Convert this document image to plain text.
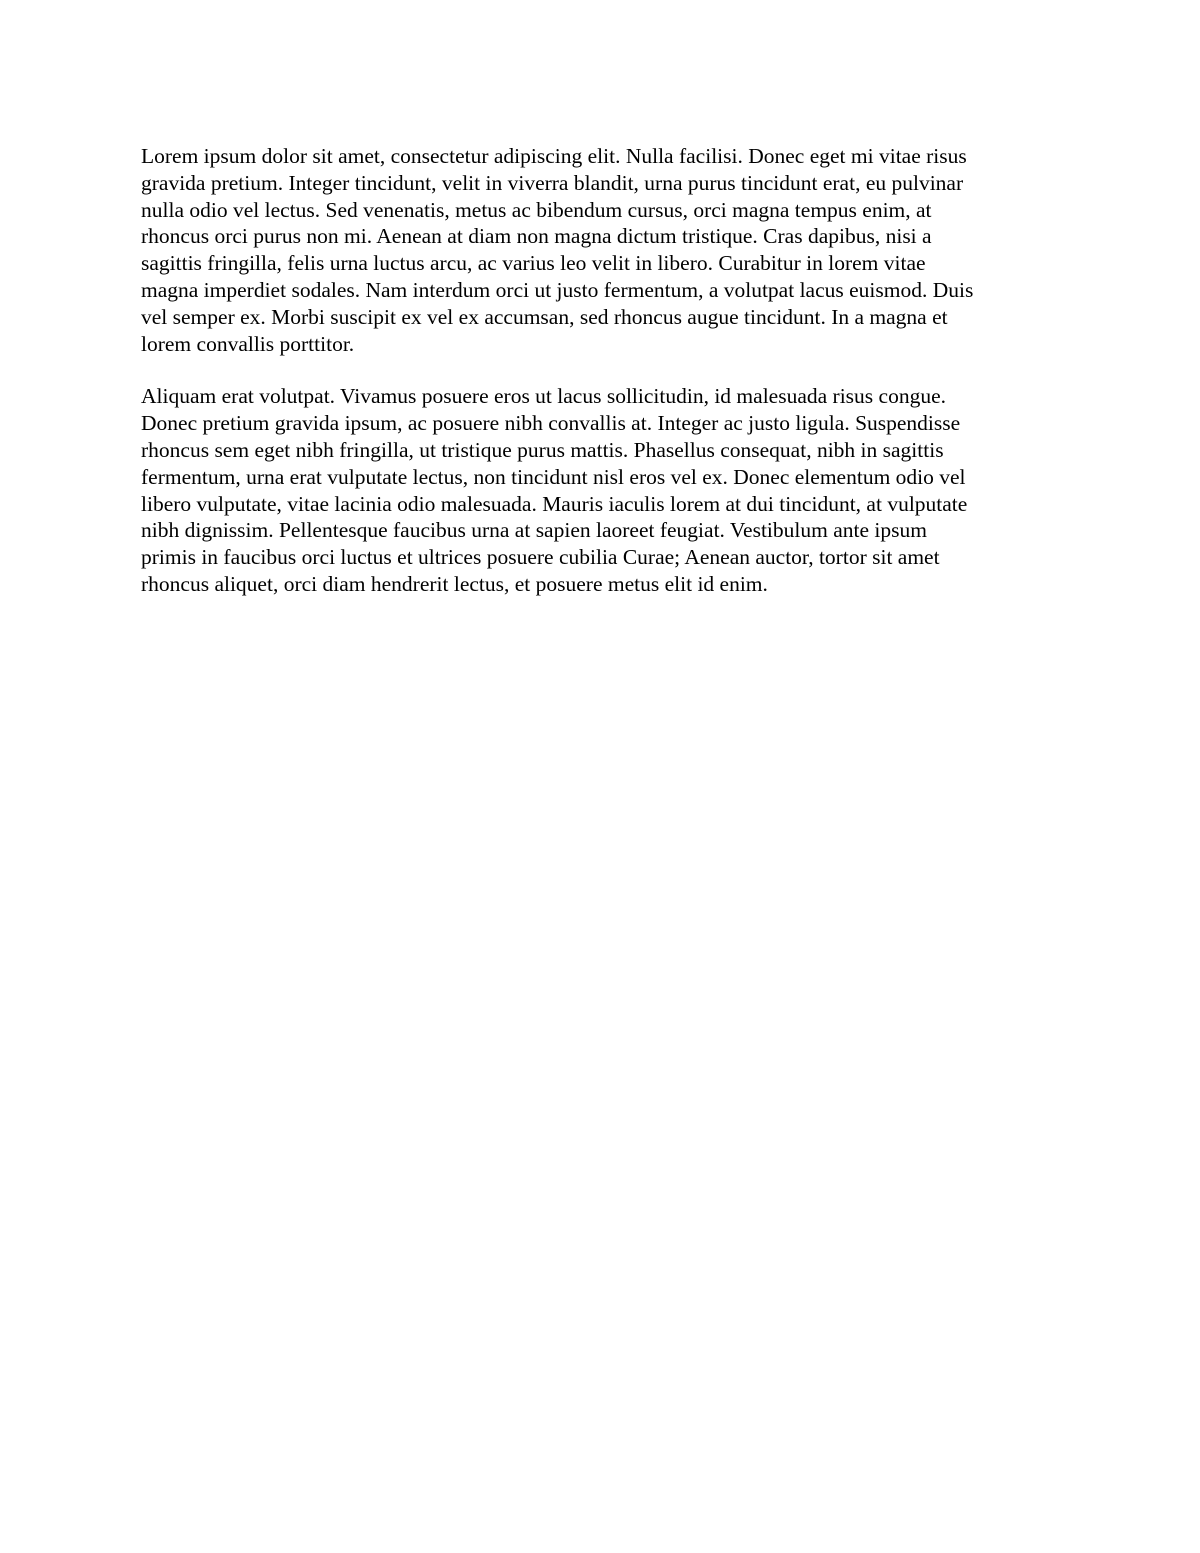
Lorem ipsum dolor sit amet, consectetur adipiscing elit. Nulla facilisi. Donec eget mi vitae risus
gravida pretium. Integer tincidunt, velit in viverra blandit, urna purus tincidunt erat, eu pulvinar
nulla odio vel lectus. Sed venenatis, metus ac bibendum cursus, orci magna tempus enim, at
rhoncus orci purus non mi. Aenean at diam non magna dictum tristique. Cras dapibus, nisi a
sagittis fringilla, felis urna luctus arcu, ac varius leo velit in libero. Curabitur in lorem vitae
magna imperdiet sodales. Nam interdum orci ut justo fermentum, a volutpat lacus euismod. Duis
vel semper ex. Morbi suscipit ex vel ex accumsan, sed rhoncus augue tincidunt. In a magna et
lorem convallis porttitor.

Aliquam erat volutpat. Vivamus posuere eros ut lacus sollicitudin, id malesuada risus congue.
Donec pretium gravida ipsum, ac posuere nibh convallis at. Integer ac justo ligula. Suspendisse
rhoncus sem eget nibh fringilla, ut tristique purus mattis. Phasellus consequat, nibh in sagittis
fermentum, urna erat vulputate lectus, non tincidunt nisl eros vel ex. Donec elementum odio vel
libero vulputate, vitae lacinia odio malesuada. Mauris iaculis lorem at dui tincidunt, at vulputate
nibh dignissim. Pellentesque faucibus urna at sapien laoreet feugiat. Vestibulum ante ipsum
primis in faucibus orci luctus et ultrices posuere cubilia Curae; Aenean auctor, tortor sit amet
rhoncus aliquet, orci diam hendrerit lectus, et posuere metus elit id enim.
